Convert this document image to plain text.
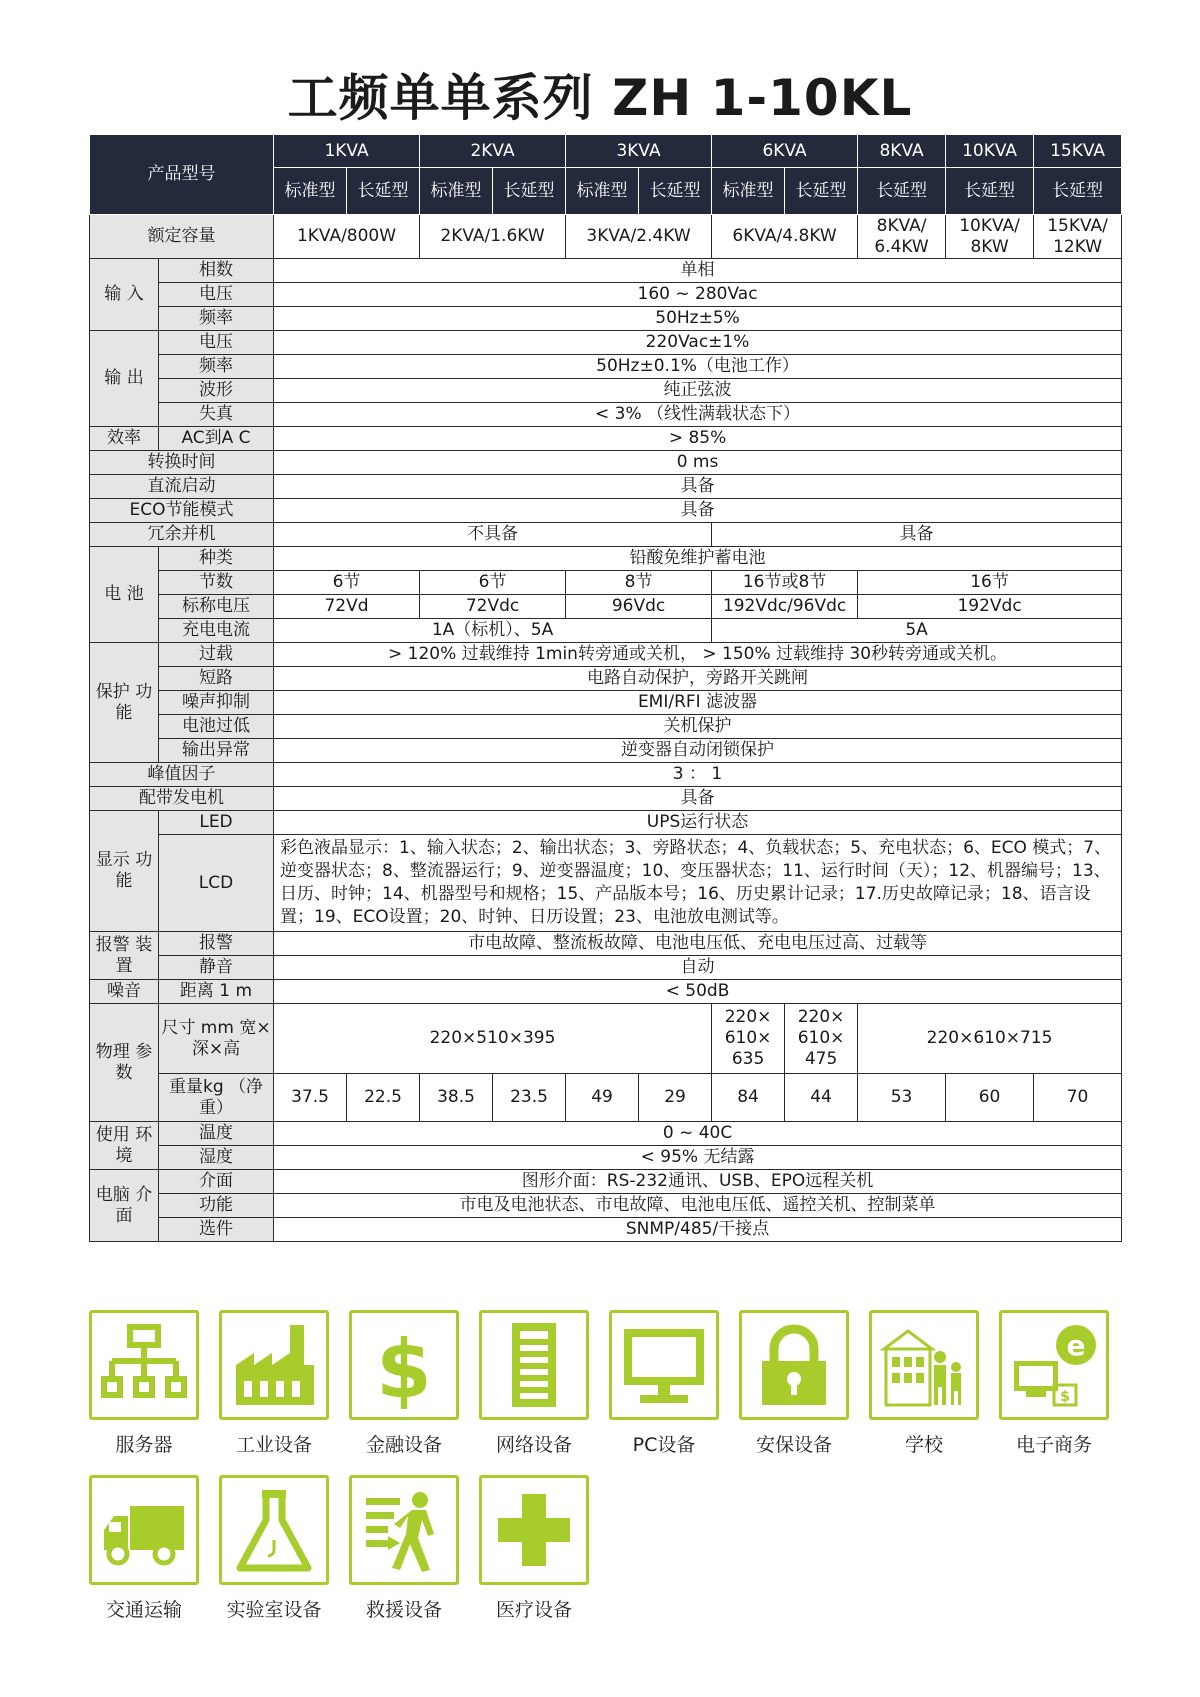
工频单单系列 ZH 1-10KL
产品型号		1KVA		2KVA		3KVA		6KVA		8KVA	10KVA	15KVA
		标准型	长延型	标准型	长延型	标准型	长延型	标准型	长延型	长延型	长延型	长延型
额定容量		1KVA/800W		2KVA/1.6KW		3KVA/2.4KW		6KVA/4.8KW		8KVA/ 6.4KW	10KVA/ 8KW	15KVA/ 12KW
输 入	相数	单相										
	电压	160 ~ 280Vac										
	频率	50Hz±5%										
输 出	电压	220Vac±1%										
	频率	50Hz±0.1%（电池工作）										
	波形	纯正弦波										
	失真	< 3% （线性满载状态下）										
效率	AC到A C	> 85%										
转换时间		0 ms										
直流启动		具备										
ECO节能模式		具备										
冗余并机		不具备						具备				
电 池	种类	铅酸免维护蓄电池										
	节数	6节		6节		8节		16节或8节		16节		
	标称电压	72Vd		72Vdc		96Vdc		192Vdc/96Vdc		192Vdc		
	充电电流	1A（标机）、5A						5A				
保护 功能	过载	> 120% 过载维持 1min转旁通或关机， > 150% 过载维持 30秒转旁通或关机。										
	短路	电路自动保护，旁路开关跳闸										
	噪声抑制	EMI/RFI 滤波器										
	电池过低	关机保护										
	输出异常	逆变器自动闭锁保护										
峰值因子		3 ： 1										
配带发电机		具备										
显示 功能	LED	UPS运行状态										
	LCD	彩色液晶显示：1、输入状态；2、输出状态；3、旁路状态；4、负载状态；5、充电状态；6、ECO 模式；7、逆变器状态；8、整流器运行；9、逆变器温度；10、变压器状态；11、运行时间（天）；12、机器编号；13、日历、时钟；14、机器型号和规格；15、产品版本号；16、历史累计记录；17.历史故障记录；18、语言设置；19、ECO设置；20、时钟、日历设置；23、电池放电测试等。										
报警 装置	报警	市电故障、整流板故障、电池电压低、充电电压过高、过载等										
	静音	自动										
噪音	距离 1 m	< 50dB										
物理 参数	尺寸 mm 宽×深×高	220×510×395						220× 610× 635	220× 610× 475	220×610×715		
	重量kg （净重）	37.5	22.5	38.5	23.5	49	29	84	44	53	60	70
使用 环境	温度	0 ~ 40C										
	湿度	< 95% 无结露										
电脑 介面	介面	图形介面：RS-232通讯、USB、EPO远程关机										
	功能	市电及电池状态、市电故障、电池电压低、遥控关机、控制菜单										
	选件	SNMP/485/干接点										
$	e
$
服务器	工业设备	金融设备	网络设备	PC设备	安保设备	学校	电子商务
交通运输	实验室设备	救援设备	医疗设备
